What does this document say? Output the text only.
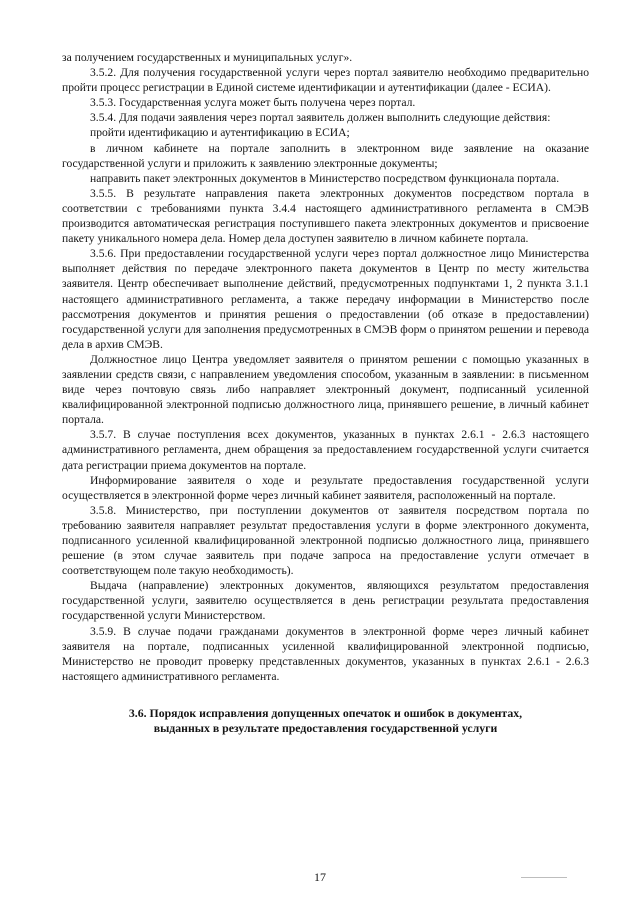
за получением государственных и муниципальных услуг».

3.5.2. Для получения государственной услуги через портал заявителю необходимо предварительно пройти процесс регистрации в Единой системе идентификации и аутентификации (далее - ЕСИА).

3.5.3. Государственная услуга может быть получена через портал.

3.5.4. Для подачи заявления через портал заявитель должен выполнить следующие действия:

пройти идентификацию и аутентификацию в ЕСИА;

в личном кабинете на портале заполнить в электронном виде заявление на оказание государственной услуги и приложить к заявлению электронные документы;

направить пакет электронных документов в Министерство посредством функционала портала.

3.5.5. В результате направления пакета электронных документов посредством портала в соответствии с требованиями пункта 3.4.4 настоящего административного регламента в СМЭВ производится автоматическая регистрация поступившего пакета электронных документов и присвоение пакету уникального номера дела. Номер дела доступен заявителю в личном кабинете портала.

3.5.6. При предоставлении государственной услуги через портал должностное лицо Министерства выполняет действия по передаче электронного пакета документов в Центр по месту жительства заявителя. Центр обеспечивает выполнение действий, предусмотренных подпунктами 1, 2 пункта 3.1.1 настоящего административного регламента, а также передачу информации в Министерство после рассмотрения документов и принятия решения о предоставлении (об отказе в предоставлении) государственной услуги для заполнения предусмотренных в СМЭВ форм о принятом решении и перевода дела в архив СМЭВ.

Должностное лицо Центра уведомляет заявителя о принятом решении с помощью указанных в заявлении средств связи, с направлением уведомления способом, указанным в заявлении: в письменном виде через почтовую связь либо направляет электронный документ, подписанный усиленной квалифицированной электронной подписью должностного лица, принявшего решение, в личный кабинет портала.

3.5.7. В случае поступления всех документов, указанных в пунктах 2.6.1 - 2.6.3 настоящего административного регламента, днем обращения за предоставлением государственной услуги считается дата регистрации приема документов на портале.

Информирование заявителя о ходе и результате предоставления государственной услуги осуществляется в электронной форме через личный кабинет заявителя, расположенный на портале.

3.5.8. Министерство, при поступлении документов от заявителя посредством портала по требованию заявителя направляет результат предоставления услуги в форме электронного документа, подписанного усиленной квалифицированной электронной подписью должностного лица, принявшего решение (в этом случае заявитель при подаче запроса на предоставление услуги отмечает в соответствующем поле такую необходимость).

Выдача (направление) электронных документов, являющихся результатом предоставления государственной услуги, заявителю осуществляется в день регистрации результата предоставления государственной услуги Министерством.

3.5.9. В случае подачи гражданами документов в электронной форме через личный кабинет заявителя на портале, подписанных усиленной квалифицированной электронной подписью, Министерство не проводит проверку представленных документов, указанных в пунктах 2.6.1 - 2.6.3 настоящего административного регламента.

3.6. Порядок исправления допущенных опечаток и ошибок в документах,
выданных в результате предоставления государственной услуги
17
